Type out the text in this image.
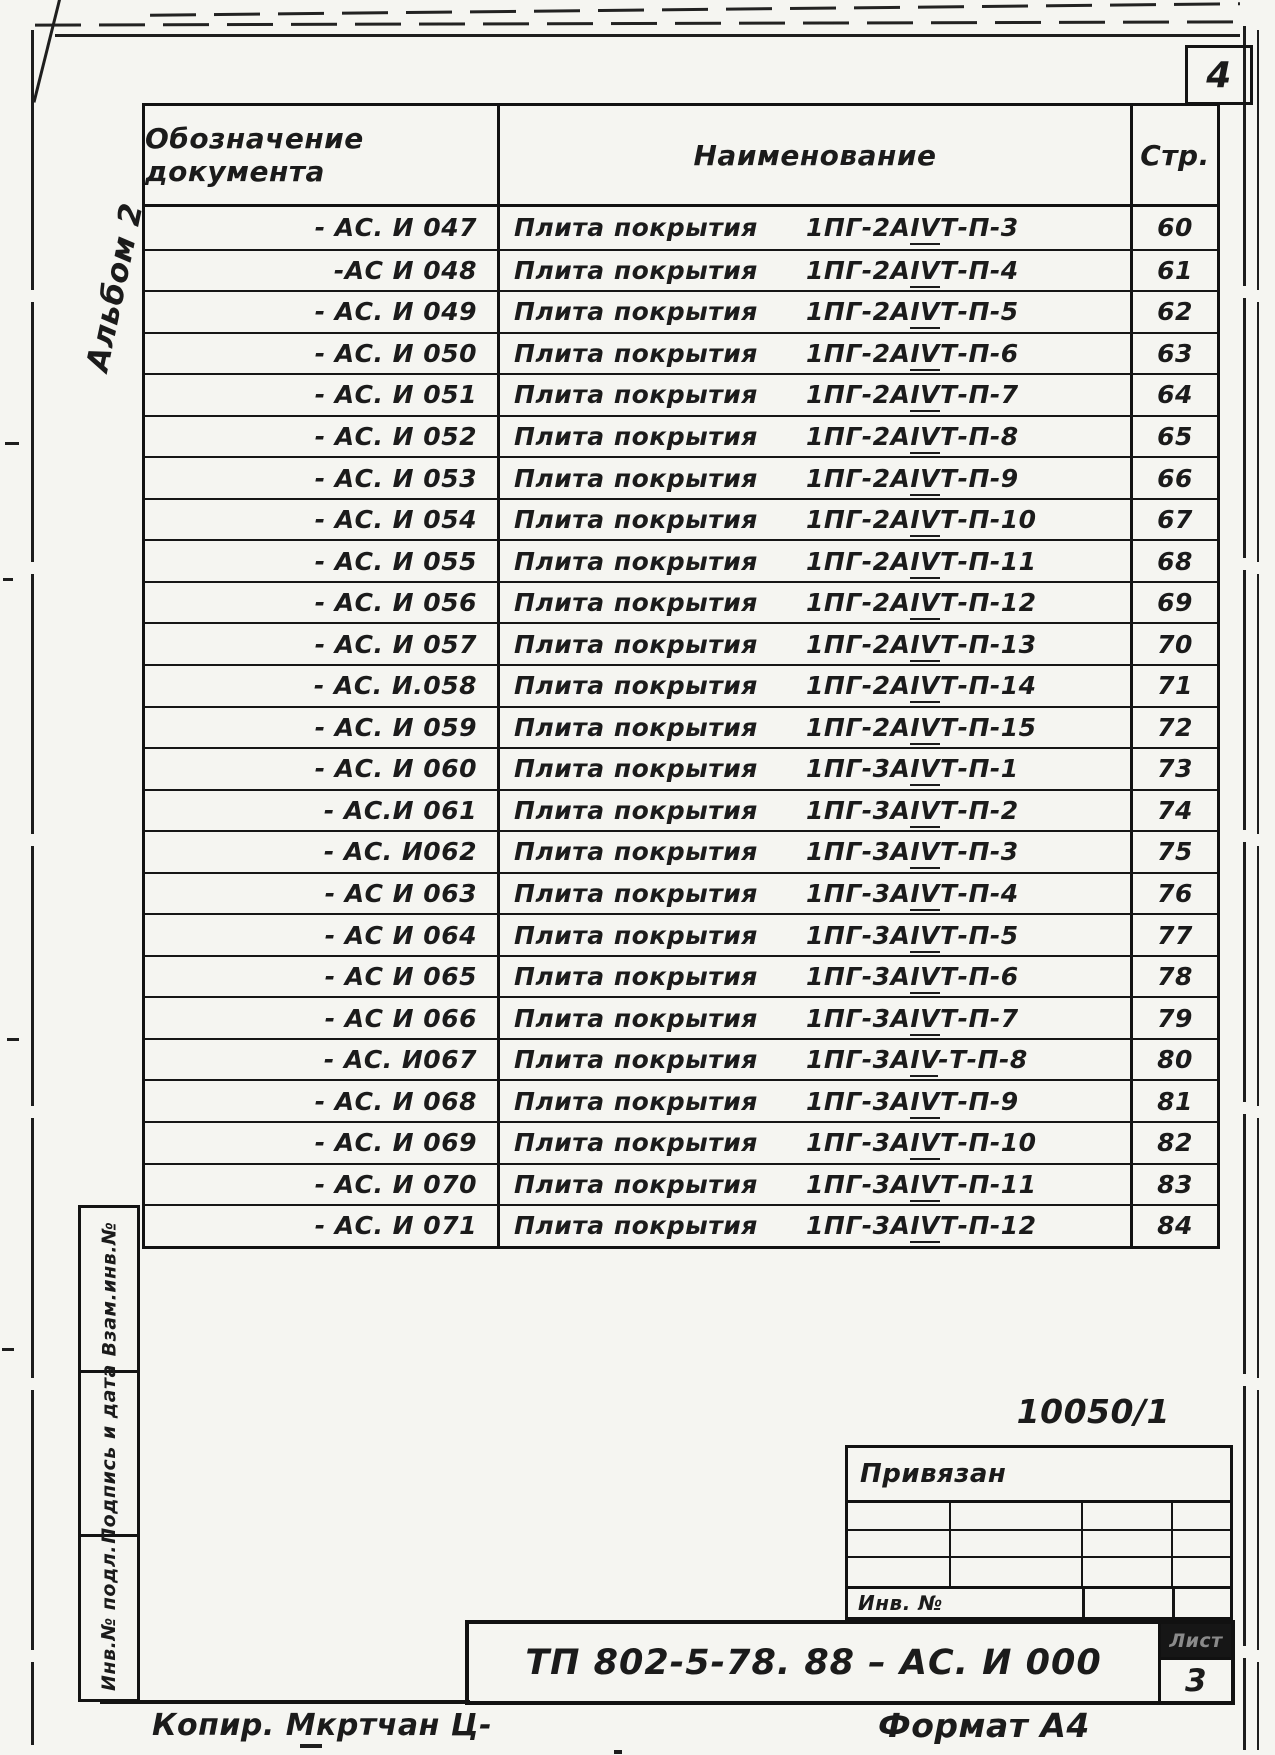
4
Альбом 2
Взам.инв.№
Подпись и дата
Инв.№ подл.
Обозначение документа	Наименование	Стр.
- АС. И 047	Плита покрытия	1ПГ-2АIVТ-П-3	60
-АС И 048	Плита покрытия	1ПГ-2АIVТ-П-4	61
- АС. И 049	Плита покрытия	1ПГ-2АIVТ-П-5	62
- АС. И 050	Плита покрытия	1ПГ-2АIVТ-П-6	63
- АС. И 051	Плита покрытия	1ПГ-2АIVТ-П-7	64
- АС. И 052	Плита покрытия	1ПГ-2АIVТ-П-8	65
- АС. И 053	Плита покрытия	1ПГ-2АIVТ-П-9	66
- АС. И 054	Плита покрытия	1ПГ-2АIVТ-П-10	67
- АС. И 055	Плита покрытия	1ПГ-2АIVТ-П-11	68
- АС. И 056	Плита покрытия	1ПГ-2АIVТ-П-12	69
- АС. И 057	Плита покрытия	1ПГ-2АIVТ-П-13	70
- АС. И.058	Плита покрытия	1ПГ-2АIVТ-П-14	71
- АС. И 059	Плита покрытия	1ПГ-2АIVТ-П-15	72
- АС. И 060	Плита покрытия	1ПГ-3АIVТ-П-1	73
- АС.И 061	Плита покрытия	1ПГ-3АIVТ-П-2	74
- АС. И062	Плита покрытия	1ПГ-3АIVТ-П-3	75
- АС И 063	Плита покрытия	1ПГ-3АIVТ-П-4	76
- АС И 064	Плита покрытия	1ПГ-3АIVТ-П-5	77
- АС И 065	Плита покрытия	1ПГ-3АIVТ-П-6	78
- АС И 066	Плита покрытия	1ПГ-3АIVТ-П-7	79
- АС. И067	Плита покрытия	1ПГ-3АIV-Т-П-8	80
- АС. И 068	Плита покрытия	1ПГ-3АIVТ-П-9	81
- АС. И 069	Плита покрытия	1ПГ-3АIVТ-П-10	82
- АС. И 070	Плита покрытия	1ПГ-3АIVТ-П-11	83
- АС. И 071	Плита покрытия	1ПГ-3АIVТ-П-12	84
10050/1
Привязан
Инв. №
ТП 802-5-78. 88 – АС. И 000
Лист
3
Копир. Мкртчан Ц-	Формат А4
